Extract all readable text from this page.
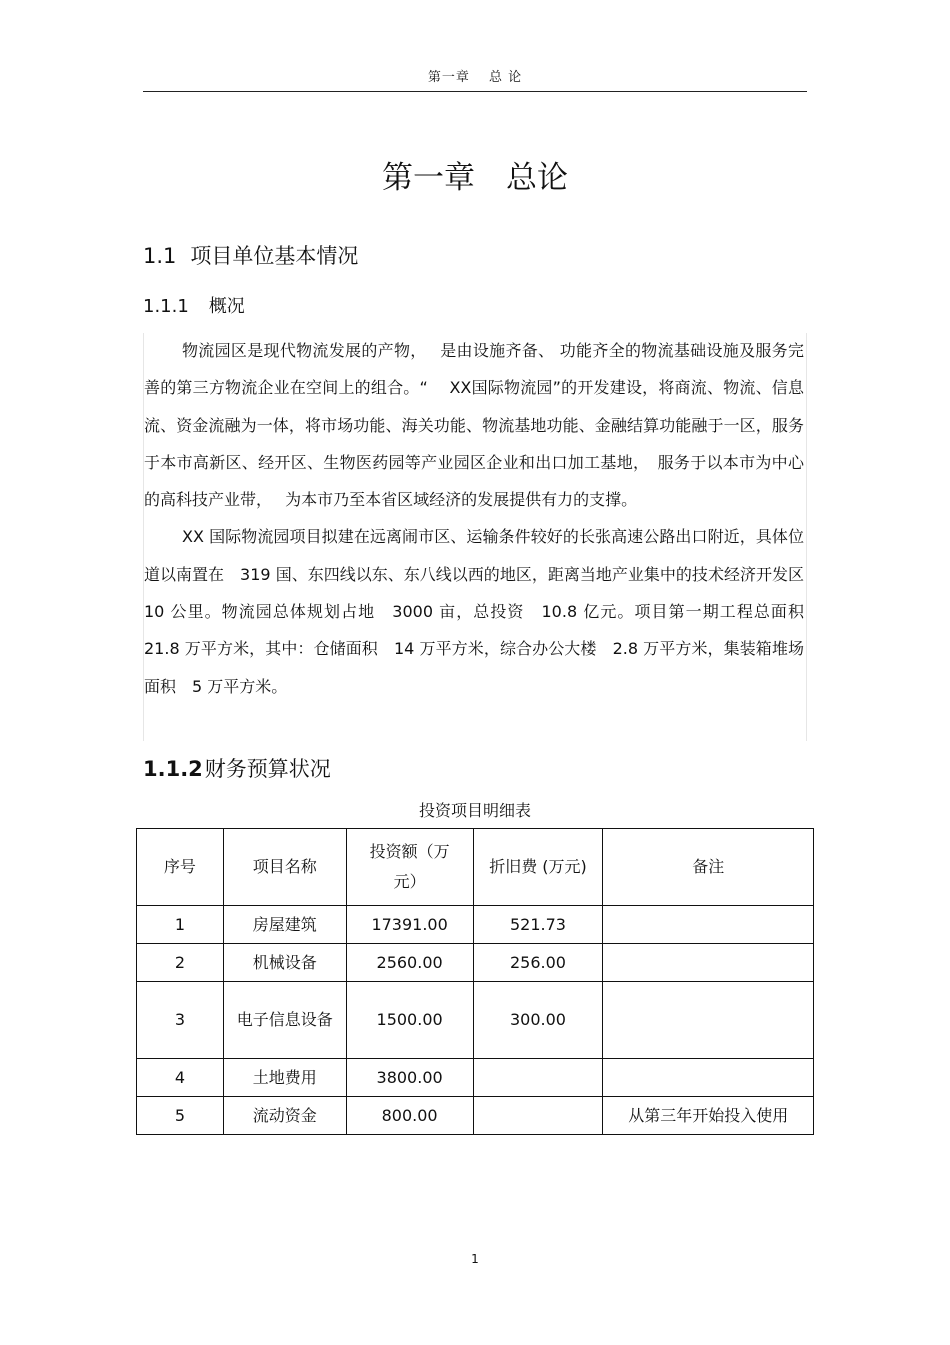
第一章　 总 论
第一章　总论
1.1 项目单位基本情况
1.1.1 概况

物流园区是现代物流发展的产物，　 是由设施齐备、 功能齐全的物流基础设施及服务完善的第三方物流企业在空间上的组合。“　 XX国际物流园”的开发建设，将商流、物流、信息流、资金流融为一体，将市场功能、海关功能、物流基地功能、金融结算功能融于一区，服务于本市高新区、经开区、生物医药园等产业园区企业和出口加工基地，　服务于以本市为中心的高科技产业带，　 为本市乃至本省区域经济的发展提供有力的支撑。

XX 国际物流园项目拟建在远离闹市区、运输条件较好的长张高速公路出口附近，具体位道以南置在　319 国、东四线以东、东八线以西的地区，距离当地产业集中的技术经济开发区　10 公里。物流园总体规划占地　3000 亩，总投资　10.8 亿元。项目第一期工程总面积　21.8 万平方米，其中：仓储面积　14 万平方米，综合办公大楼　2.8 万平方米，集装箱堆场面积　5 万平方米。

1.1.2财务预算状况
投资项目明细表
序号	项目名称	投资额（万元）	折旧费 (万元)	备注
1	房屋建筑	17391.00	521.73	
2	机械设备	2560.00	256.00	
3	电子信息设备	1500.00	300.00	
4	土地费用	3800.00		
5	流动资金	800.00		从第三年开始投入使用
1
